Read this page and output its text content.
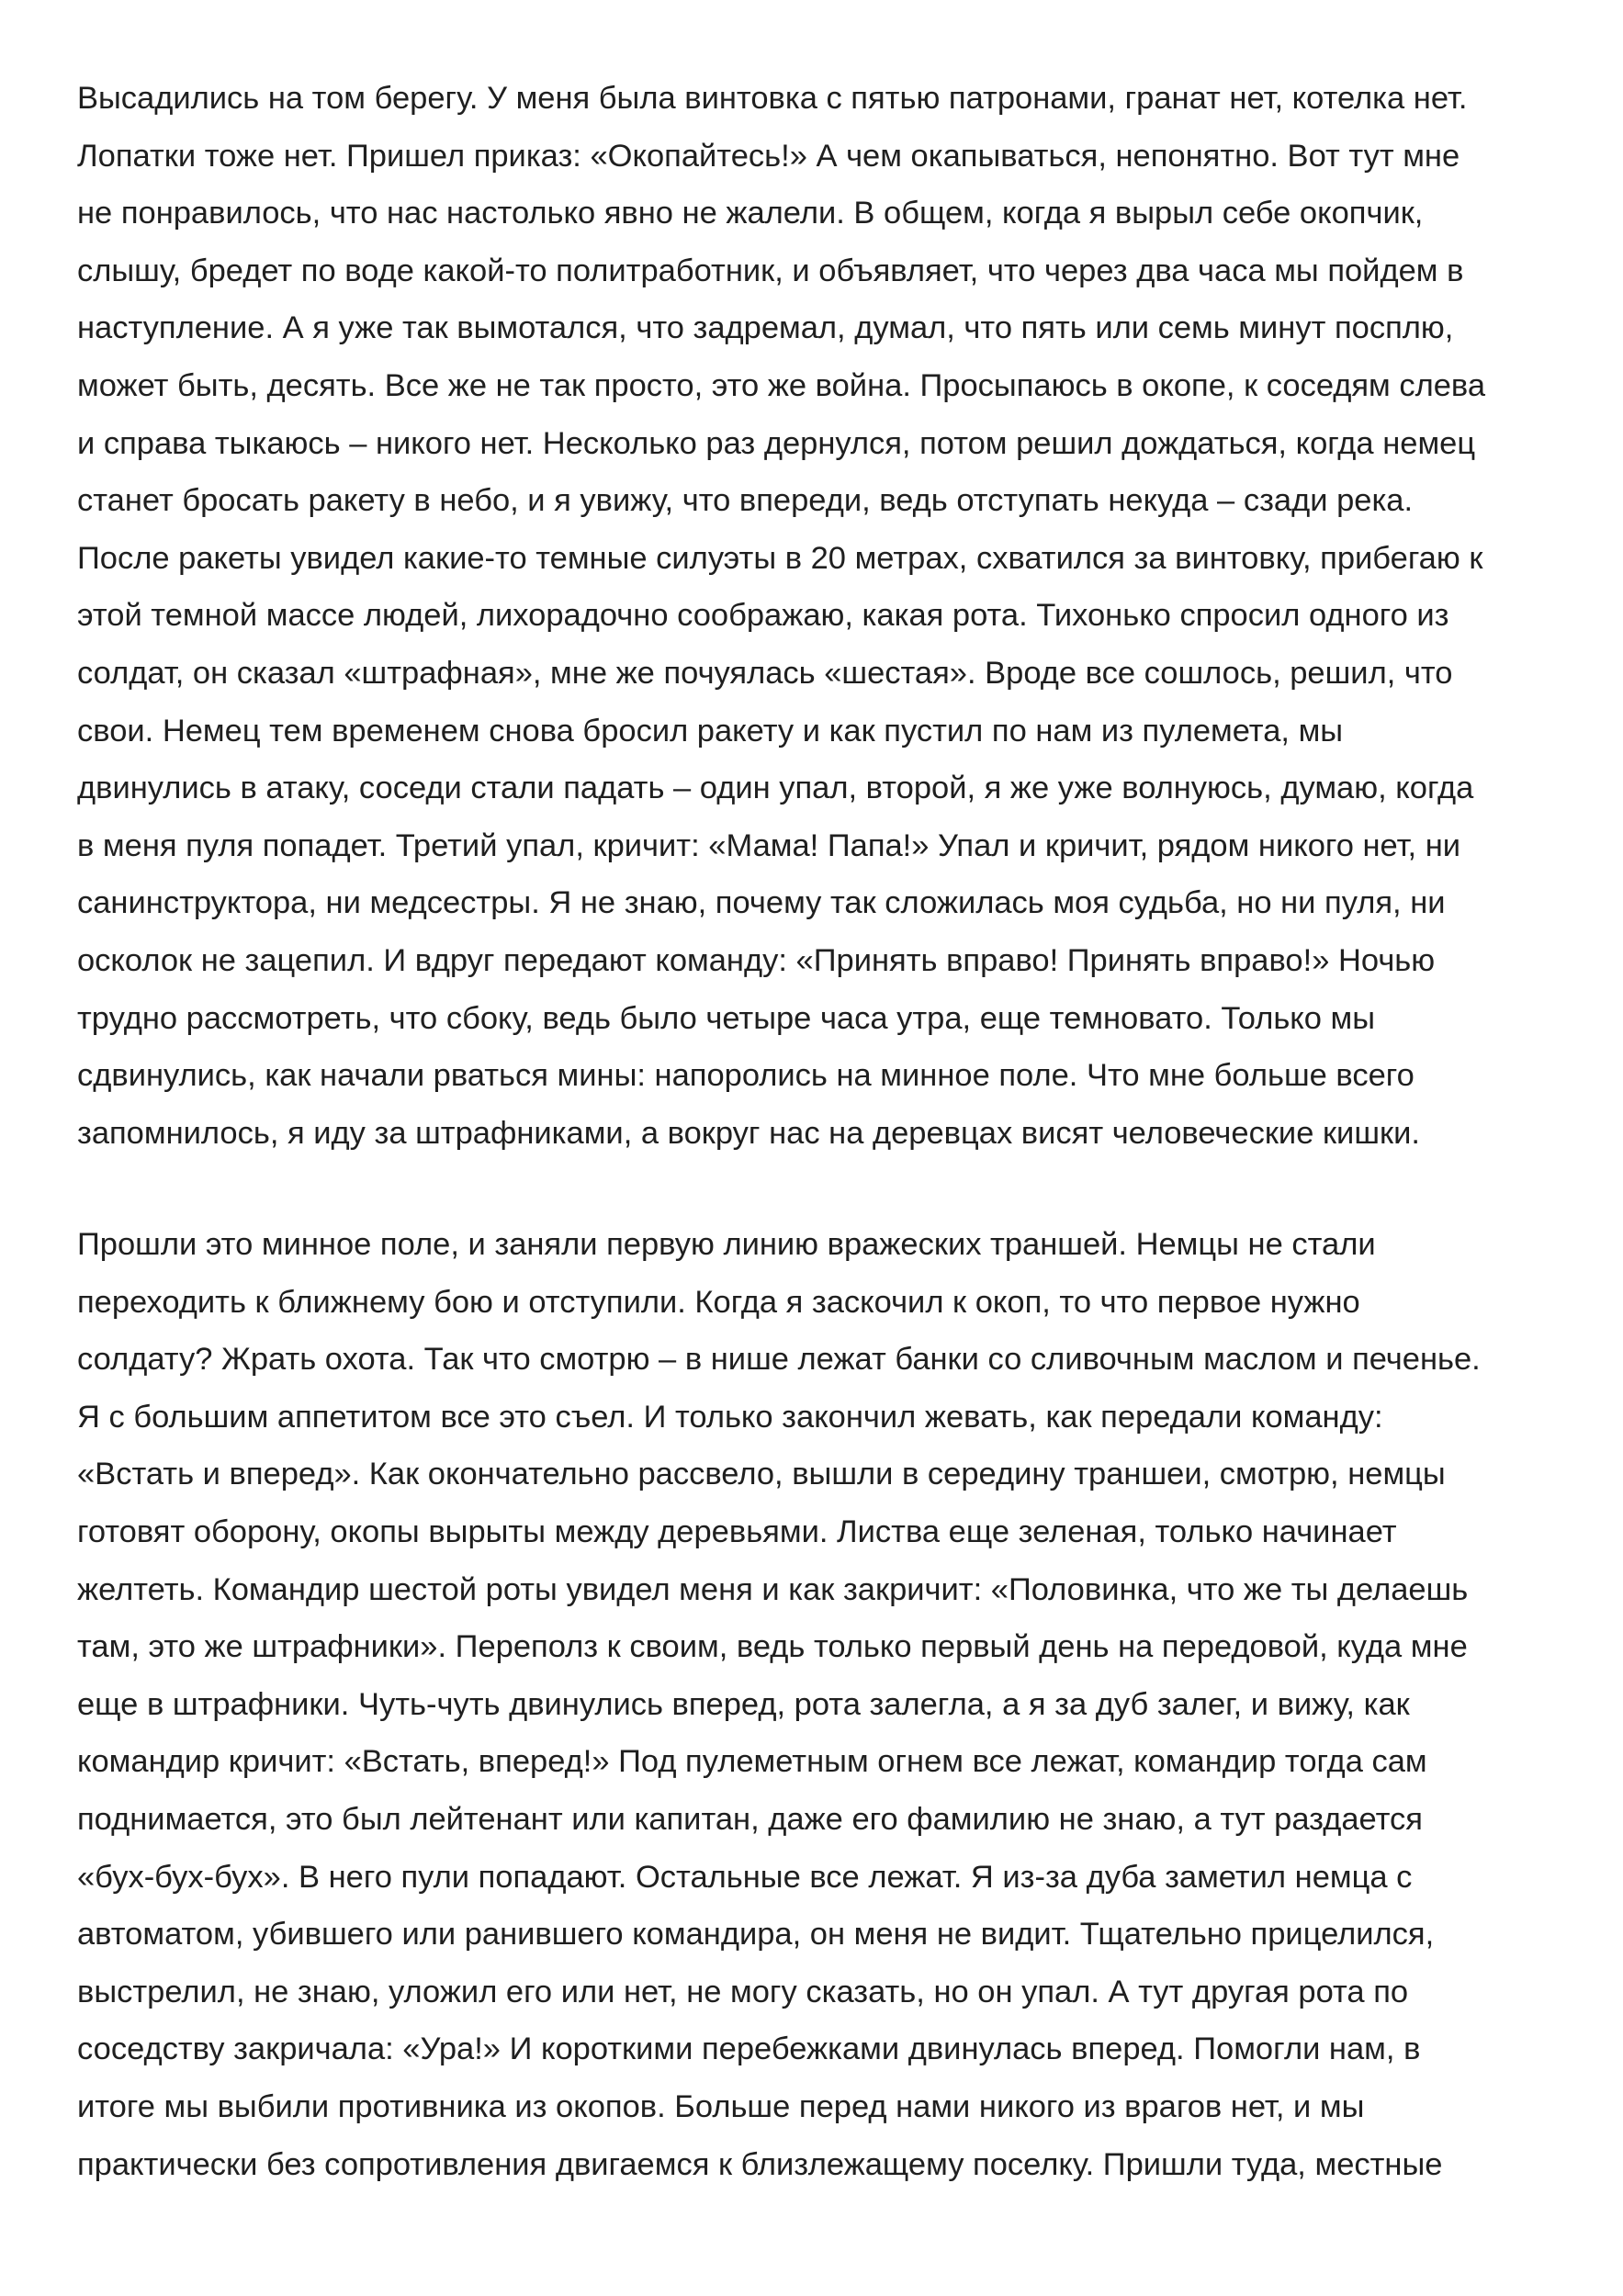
Высадились на том берегу. У меня была винтовка с пятью патронами, гранат нет, котелка нет.
Лопатки тоже нет. Пришел приказ: «Окопайтесь!» А чем окапываться, непонятно. Вот тут мне
не понравилось, что нас настолько явно не жалели. В общем, когда я вырыл себе окопчик,
слышу, бредет по воде какой-то политработник, и объявляет, что через два часа мы пойдем в
наступление. А я уже так вымотался, что задремал, думал, что пять или семь минут посплю,
может быть, десять. Все же не так просто, это же война. Просыпаюсь в окопе, к соседям слева
и справа тыкаюсь – никого нет. Несколько раз дернулся, потом решил дождаться, когда немец
станет бросать ракету в небо, и я увижу, что впереди, ведь отступать некуда – сзади река.
После ракеты увидел какие-то темные силуэты в 20 метрах, схватился за винтовку, прибегаю к
этой темной массе людей, лихорадочно соображаю, какая рота. Тихонько спросил одного из
солдат, он сказал «штрафная», мне же почуялась «шестая». Вроде все сошлось, решил, что
свои. Немец тем временем снова бросил ракету и как пустил по нам из пулемета, мы
двинулись в атаку, соседи стали падать – один упал, второй, я же уже волнуюсь, думаю, когда
в меня пуля попадет. Третий упал, кричит: «Мама! Папа!» Упал и кричит, рядом никого нет, ни
санинструктора, ни медсестры. Я не знаю, почему так сложилась моя судьба, но ни пуля, ни
осколок не зацепил. И вдруг передают команду: «Принять вправо! Принять вправо!» Ночью
трудно рассмотреть, что сбоку, ведь было четыре часа утра, еще темновато. Только мы
сдвинулись, как начали рваться мины: напоролись на минное поле. Что мне больше всего
запомнилось, я иду за штрафниками, а вокруг нас на деревцах висят человеческие кишки.
Прошли это минное поле, и заняли первую линию вражеских траншей. Немцы не стали
переходить к ближнему бою и отступили. Когда я заскочил к окоп, то что первое нужно
солдату? Жрать охота. Так что смотрю – в нише лежат банки со сливочным маслом и печенье.
Я с большим аппетитом все это съел. И только закончил жевать, как передали команду:
«Встать и вперед». Как окончательно рассвело, вышли в середину траншеи, смотрю, немцы
готовят оборону, окопы вырыты между деревьями. Листва еще зеленая, только начинает
желтеть. Командир шестой роты увидел меня и как закричит: «Половинка, что же ты делаешь
там, это же штрафники». Переполз к своим, ведь только первый день на передовой, куда мне
еще в штрафники. Чуть-чуть двинулись вперед, рота залегла, а я за дуб залег, и вижу, как
командир кричит: «Встать, вперед!» Под пулеметным огнем все лежат, командир тогда сам
поднимается, это был лейтенант или капитан, даже его фамилию не знаю, а тут раздается
«бух-бух-бух». В него пули попадают. Остальные все лежат. Я из-за дуба заметил немца с
автоматом, убившего или ранившего командира, он меня не видит. Тщательно прицелился,
выстрелил, не знаю, уложил его или нет, не могу сказать, но он упал. А тут другая рота по
соседству закричала: «Ура!» И короткими перебежками двинулась вперед. Помогли нам, в
итоге мы выбили противника из окопов. Больше перед нами никого из врагов нет, и мы
практически без сопротивления двигаемся к близлежащему поселку. Пришли туда, местные
